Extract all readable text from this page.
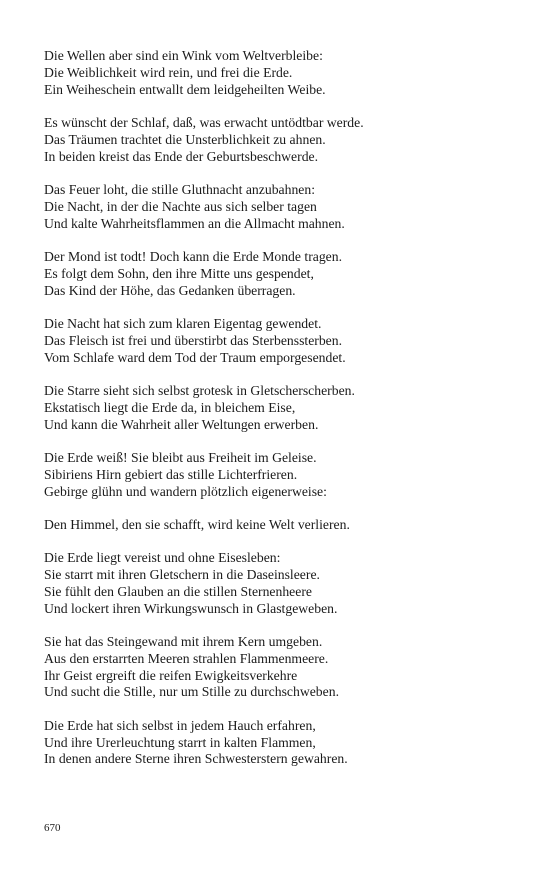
Die Wellen aber sind ein Wink vom Weltverbleibe:
Die Weiblichkeit wird rein, und frei die Erde.
Ein Weiheschein entwallt dem leidgeheilten Weibe.
Es wünscht der Schlaf, daß, was erwacht untödtbar werde.
Das Träumen trachtet die Unsterblichkeit zu ahnen.
In beiden kreist das Ende der Geburtsbeschwerde.
Das Feuer loht, die stille Gluthnacht anzubahnen:
Die Nacht, in der die Nachte aus sich selber tagen
Und kalte Wahrheitsflammen an die Allmacht mahnen.
Der Mond ist todt! Doch kann die Erde Monde tragen.
Es folgt dem Sohn, den ihre Mitte uns gespendet,
Das Kind der Höhe, das Gedanken überragen.
Die Nacht hat sich zum klaren Eigentag gewendet.
Das Fleisch ist frei und überstirbt das Sterbenssterben.
Vom Schlafe ward dem Tod der Traum emporgesendet.
Die Starre sieht sich selbst grotesk in Gletscherscherben.
Ekstatisch liegt die Erde da, in bleichem Eise,
Und kann die Wahrheit aller Weltungen erwerben.
Die Erde weiß! Sie bleibt aus Freiheit im Geleise.
Sibiriens Hirn gebiert das stille Lichterfrieren.
Gebirge glühn und wandern plötzlich eigenerweise:
Den Himmel, den sie schafft, wird keine Welt verlieren.
Die Erde liegt vereist und ohne Eisesleben:
Sie starrt mit ihren Gletschern in die Daseinsleere.
Sie fühlt den Glauben an die stillen Sternenheere
Und lockert ihren Wirkungswunsch in Glastgeweben.
Sie hat das Steingewand mit ihrem Kern umgeben.
Aus den erstarrten Meeren strahlen Flammenmeere.
Ihr Geist ergreift die reifen Ewigkeitsverkehre
Und sucht die Stille, nur um Stille zu durchschweben.
Die Erde hat sich selbst in jedem Hauch erfahren,
Und ihre Urerleuchtung starrt in kalten Flammen,
In denen andere Sterne ihren Schwesterstern gewahren.
670
